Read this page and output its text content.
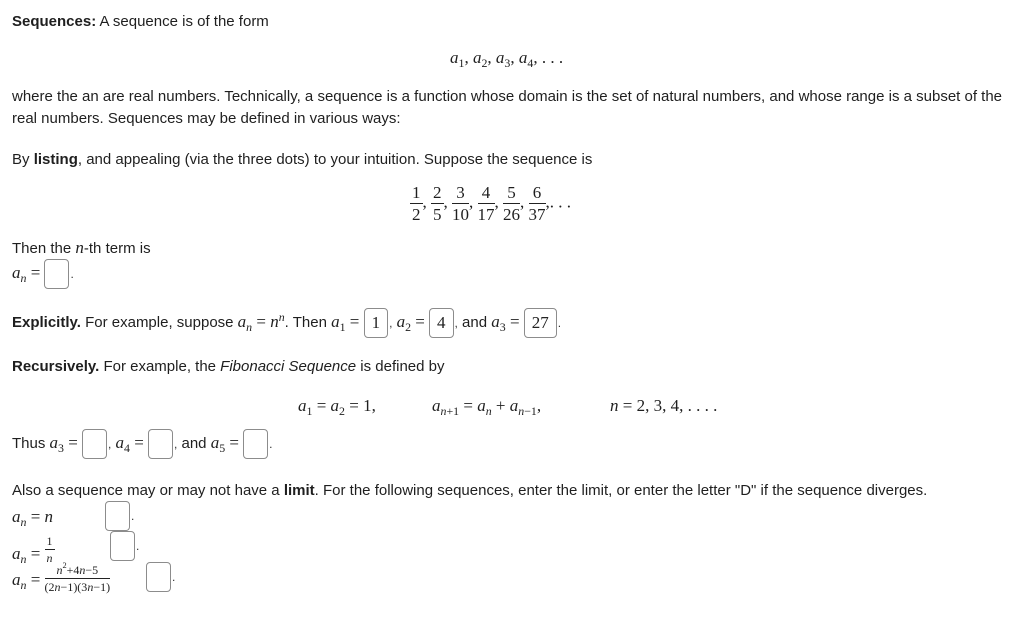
Sequences: A sequence is of the form
$a_1$, $a_2$, $a_3$, $a_4$, . . .
where the an are real numbers. Technically, a sequence is a function whose domain is the set of natural numbers, and whose range is a subset of the real numbers. Sequences may be defined in various ways:
By listing, and appealing (via the three dots) to your intuition. Suppose the sequence is
$\frac{1}{2}$ , $\frac{2}{5}$ , $\frac{3}{10}$ , $\frac{4}{17}$ , $\frac{5}{26}$ , $\frac{6}{37}$ ,. . .
Then the n-th term is
$a_n$ =	.
Explicitly. For example, suppose $a_n = n^n$. Then $a_1 = 1$ , $a_2 = 4$ , and $a_3 = 27$ .
Recursively. For example, the Fibonacci Sequence is defined by
$a_1 = a_2 = 1$,	$a_{n+1} = a_n + a_{n-1}$,	n = 2, 3, 4, . . . .
Thus $a_3$ =	, $a_4$ =	, and $a_5$ =	.
Also a sequence may or may not have a limit. For the following sequences, enter the limit, or enter the letter "D" if the sequence diverges.
$a_n = n$	.
$a_n = \frac{1}{n}$	.
$a_n = \frac{n^2+4n-5}{(2n-1)(3n-1)}$	.
